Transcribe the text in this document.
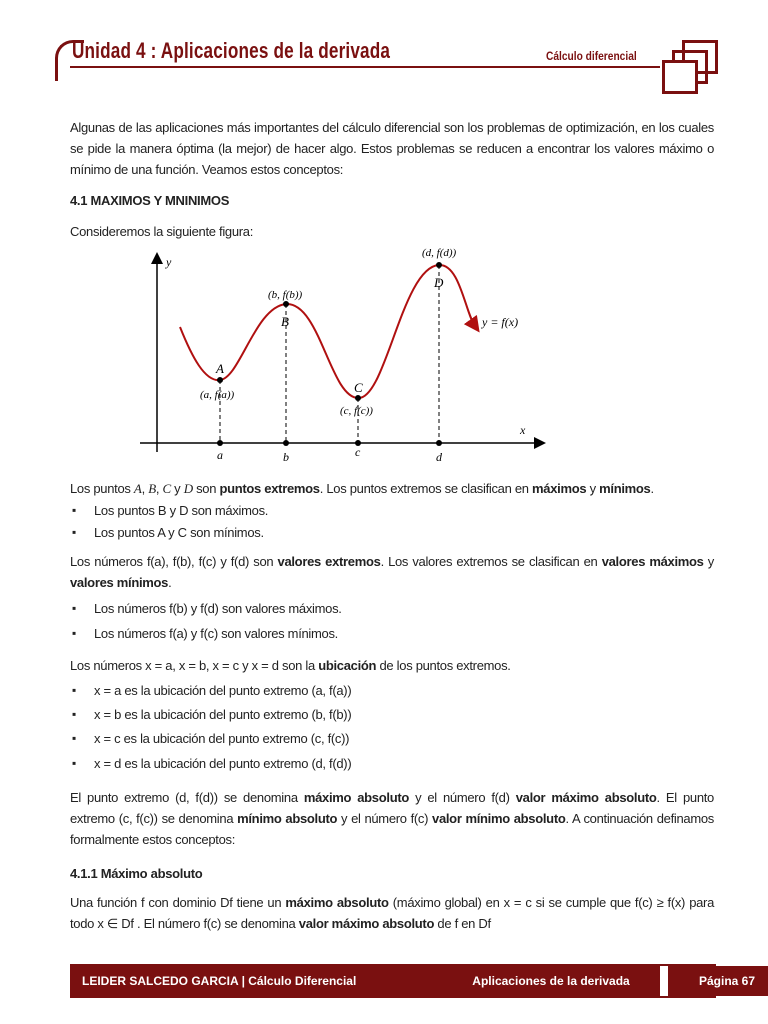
Unidad 4 : Aplicaciones de la derivada	Cálculo diferencial
Algunas de las aplicaciones más importantes del cálculo diferencial son los problemas de optimización, en los cuales se pide la manera óptima (la mejor) de hacer algo. Estos problemas se reducen a encontrar los valores máximo o mínimo de una función. Veamos estos conceptos:
4.1 MAXIMOS Y MNINIMOS
Consideremos la siguiente figura:
y
x
A
(a, f(a))
B
(b, f(b))
C
(c, f(c))
D
(d, f(d))
y = f(x)
a	b	c	d
Los puntos A, B, C y D son puntos extremos. Los puntos extremos se clasifican en máximos y mínimos.
▪ Los puntos B y D son máximos.
▪ Los puntos A y C son mínimos.
Los números f(a), f(b), f(c) y f(d) son valores extremos. Los valores extremos se clasifican en valores máximos y valores mínimos.
▪ Los números f(b) y f(d) son valores máximos.
▪ Los números f(a) y f(c) son valores mínimos.
Los números x = a, x = b, x = c y x = d son la ubicación de los puntos extremos.
▪ x = a es la ubicación del punto extremo (a, f(a))
▪ x = b es la ubicación del punto extremo (b, f(b))
▪ x = c es la ubicación del punto extremo (c, f(c))
▪ x = d es la ubicación del punto extremo (d, f(d))
El punto extremo (d, f(d)) se denomina máximo absoluto y el número f(d) valor máximo absoluto. El punto extremo (c, f(c)) se denomina mínimo absoluto y el número f(c) valor mínimo absoluto. A continuación definamos formalmente estos conceptos:
4.1.1 Máximo absoluto
Una función f con dominio Df tiene un máximo absoluto (máximo global) en x = c si se cumple que f(c) ≥ f(x) para todo x ∈ Df . El número f(c) se denomina valor máximo absoluto de f en Df
LEIDER SALCEDO GARCIA | Cálculo Diferencial	Aplicaciones de la derivada	Página 67
